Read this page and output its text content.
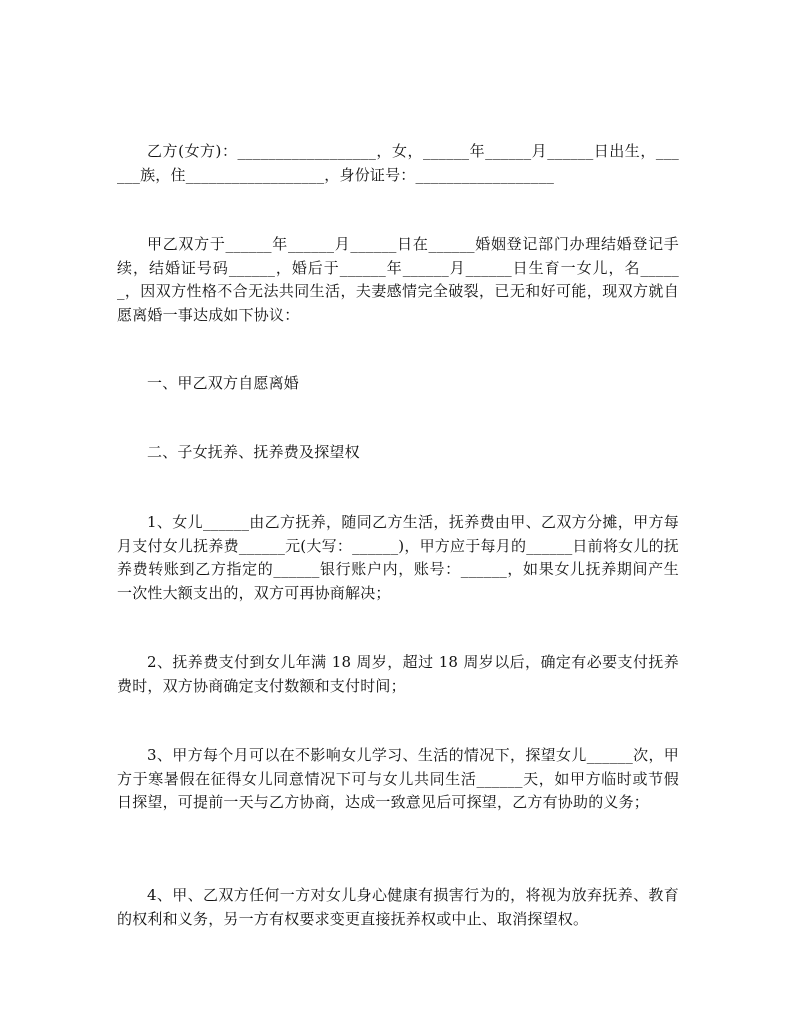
乙方(女方)：__________________，女，______年______月______日出生，______族，住__________________，身份证号：__________________

甲乙双方于______年______月______日在______婚姻登记部门办理结婚登记手续，结婚证号码______，婚后于______年______月______日生育一女儿，名______，因双方性格不合无法共同生活，夫妻感情完全破裂，已无和好可能，现双方就自愿离婚一事达成如下协议：

一、甲乙双方自愿离婚
二、子女抚养、抚养费及探望权

1、女儿______由乙方抚养，随同乙方生活，抚养费由甲、乙双方分摊，甲方每月支付女儿抚养费______元(大写：______)，甲方应于每月的______日前将女儿的抚养费转账到乙方指定的______银行账户内，账号：______，如果女儿抚养期间产生一次性大额支出的，双方可再协商解决；

2、抚养费支付到女儿年满 18 周岁，超过 18 周岁以后，确定有必要支付抚养费时，双方协商确定支付数额和支付时间；

3、甲方每个月可以在不影响女儿学习、生活的情况下，探望女儿______次，甲方于寒暑假在征得女儿同意情况下可与女儿共同生活______天，如甲方临时或节假日探望，可提前一天与乙方协商，达成一致意见后可探望，乙方有协助的义务；

4、甲、乙双方任何一方对女儿身心健康有损害行为的，将视为放弃抚养、教育的权利和义务，另一方有权要求变更直接抚养权或中止、取消探望权。
